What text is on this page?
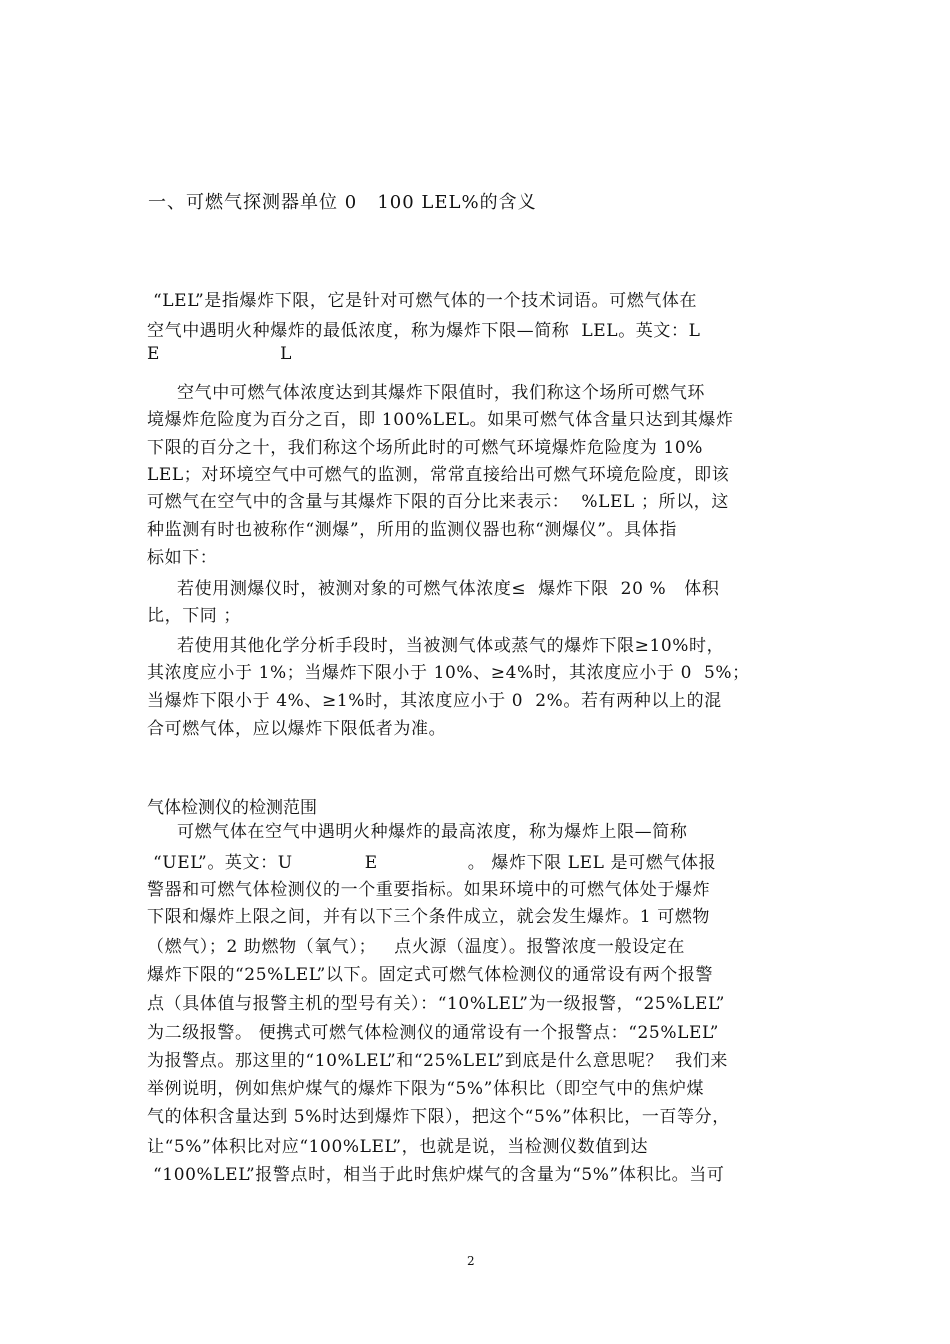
一、可燃气探测器单位 0   100 LEL%的含义
“LEL”是指爆炸下限，它是针对可燃气体的一个技术词语。可燃气体在
空气中遇明火种爆炸的最低浓度，称为爆炸下限—简称  LEL。英文：L
E                    L
空气中可燃气体浓度达到其爆炸下限值时，我们称这个场所可燃气环
境爆炸危险度为百分之百，即 100%LEL。如果可燃气体含量只达到其爆炸
下限的百分之十，我们称这个场所此时的可燃气环境爆炸危险度为 10%
LEL；对环境空气中可燃气的监测，常常直接给出可燃气环境危险度，即该
可燃气在空气中的含量与其爆炸下限的百分比来表示：  %LEL ；所以，这
种监测有时也被称作“测爆”，所用的监测仪器也称“测爆仪”。具体指
标如下：
若使用测爆仪时，被测对象的可燃气体浓度≤  爆炸下限  20 %   体积
比，下同 ；
若使用其他化学分析手段时，当被测气体或蒸气的爆炸下限≥10%时，
其浓度应小于 1%；当爆炸下限小于 10%、≥4%时，其浓度应小于 0  5%；
当爆炸下限小于 4%、≥1%时，其浓度应小于 0  2%。若有两种以上的混
合可燃气体，应以爆炸下限低者为准。
气体检测仪的检测范围
可燃气体在空气中遇明火种爆炸的最高浓度，称为爆炸上限—简称
“UEL”。英文：U            E               。 爆炸下限 LEL 是可燃气体报
警器和可燃气体检测仪的一个重要指标。如果环境中的可燃气体处于爆炸
下限和爆炸上限之间，并有以下三个条件成立，就会发生爆炸。1 可燃物
（燃气）；2 助燃物（氧气）；   点火源（温度）。报警浓度一般设定在
爆炸下限的“25%LEL”以下。固定式可燃气体检测仪的通常设有两个报警
点（具体值与报警主机的型号有关）：“10%LEL”为一级报警，“25%LEL”
为二级报警。 便携式可燃气体检测仪的通常设有一个报警点：“25%LEL”
为报警点。那这里的“10%LEL”和“25%LEL”到底是什么意思呢？  我们来
举例说明，例如焦炉煤气的爆炸下限为“5%”体积比（即空气中的焦炉煤
气的体积含量达到 5%时达到爆炸下限），把这个“5%”体积比，一百等分，
让“5%”体积比对应“100%LEL”，也就是说，当检测仪数值到达
“100%LEL”报警点时，相当于此时焦炉煤气的含量为“5%”体积比。当可
2
